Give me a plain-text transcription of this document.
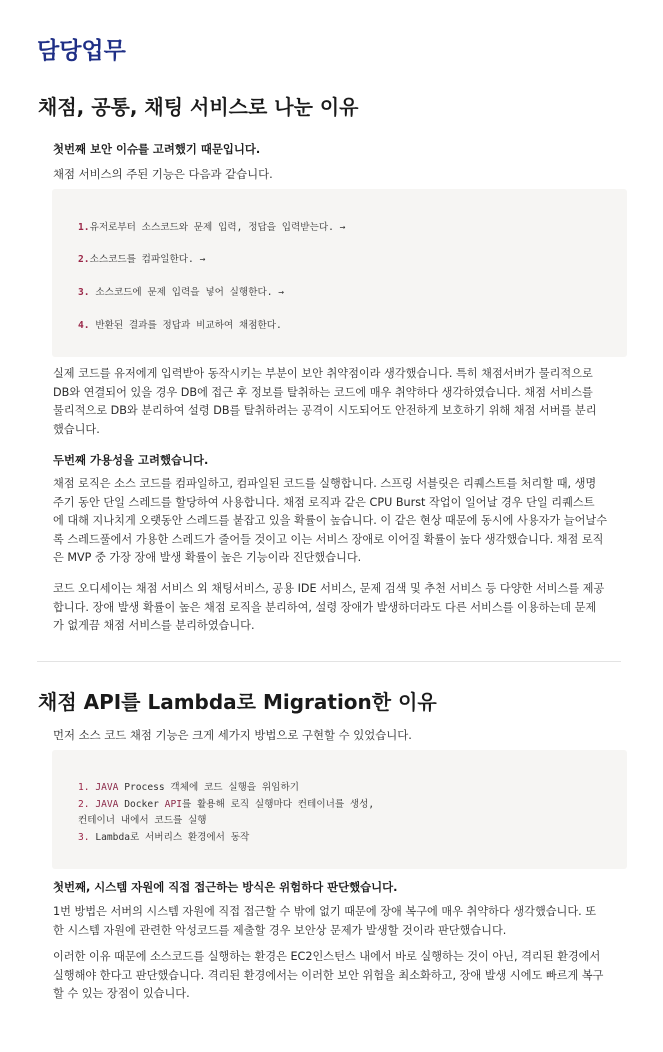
담당업무
채점, 공통, 채팅 서비스로 나눈 이유

첫번째 보안 이슈를 고려했기 때문입니다.

채점 서비스의 주된 기능은 다음과 같습니다.

1.유저로부터 소스코드와 문제 입력, 정답을 입력받는다. →
2.소스코드를 컴파일한다. →
3. 소스코드에 문제 입력을 넣어 실행한다. →
4. 반환된 결과를 정답과 비교하여 채점한다.
실제 코드를 유저에게 입력받아 동작시키는 부분이 보안 취약점이라 생각했습니다. 특히 채점서버가 물리적으로
DB와 연결되어 있을 경우 DB에 접근 후 정보를 탈취하는 코드에 매우 취약하다 생각하였습니다. 채점 서비스를
물리적으로 DB와 분리하여 설령 DB를 탈취하려는 공격이 시도되어도 안전하게 보호하기 위해 채점 서버를 분리
했습니다.

두번째 가용성을 고려했습니다.

채점 로직은 소스 코드를 컴파일하고, 컴파일된 코드를 실행합니다. 스프링 서블릿은 리퀘스트를 처리할 때, 생명
주기 동안 단일 스레드를 할당하여 사용합니다. 채점 로직과 같은 CPU Burst 작업이 일어날 경우 단일 리퀘스트
에 대해 지나치게 오랫동안 스레드를 붙잡고 있을 확률이 높습니다. 이 같은 현상 때문에 동시에 사용자가 늘어날수
록 스레드풀에서 가용한 스레드가 줄어들 것이고 이는 서비스 장애로 이어질 확률이 높다 생각했습니다. 채점 로직
은 MVP 중 가장 장애 발생 확률이 높은 기능이라 진단했습니다.
코드 오디세이는 채점 서비스 외 채팅서비스, 공용 IDE 서비스, 문제 검색 및 추천 서비스 등 다양한 서비스를 제공
합니다. 장애 발생 확률이 높은 채점 로직을 분리하여, 설령 장애가 발생하더라도 다른 서비스를 이용하는데 문제
가 없게끔 채점 서비스를 분리하였습니다.
채점 API를 Lambda로 Migration한 이유

먼저 소스 코드 채점 기능은 크게 세가지 방법으로 구현할 수 있었습니다.

1. JAVA Process 객체에 코드 실행을 위임하기
2. JAVA Docker API를 활용해 로직 실행마다 컨테이너를 생성,
컨테이너 내에서 코드를 실행
3. Lambda로 서버리스 환경에서 동작

첫번째, 시스템 자원에 직접 접근하는 방식은 위험하다 판단했습니다.

1번 방법은 서버의 시스템 자원에 직접 접근할 수 밖에 없기 때문에 장애 복구에 매우 취약하다 생각했습니다. 또
한 시스템 자원에 관련한 악성코드를 제출할 경우 보안상 문제가 발생할 것이라 판단했습니다.
이러한 이유 때문에 소스코드를 실행하는 환경은 EC2인스턴스 내에서 바로 실행하는 것이 아닌, 격리된 환경에서
실행해야 한다고 판단했습니다. 격리된 환경에서는 이러한 보안 위험을 최소화하고, 장애 발생 시에도 빠르게 복구
할 수 있는 장점이 있습니다.
